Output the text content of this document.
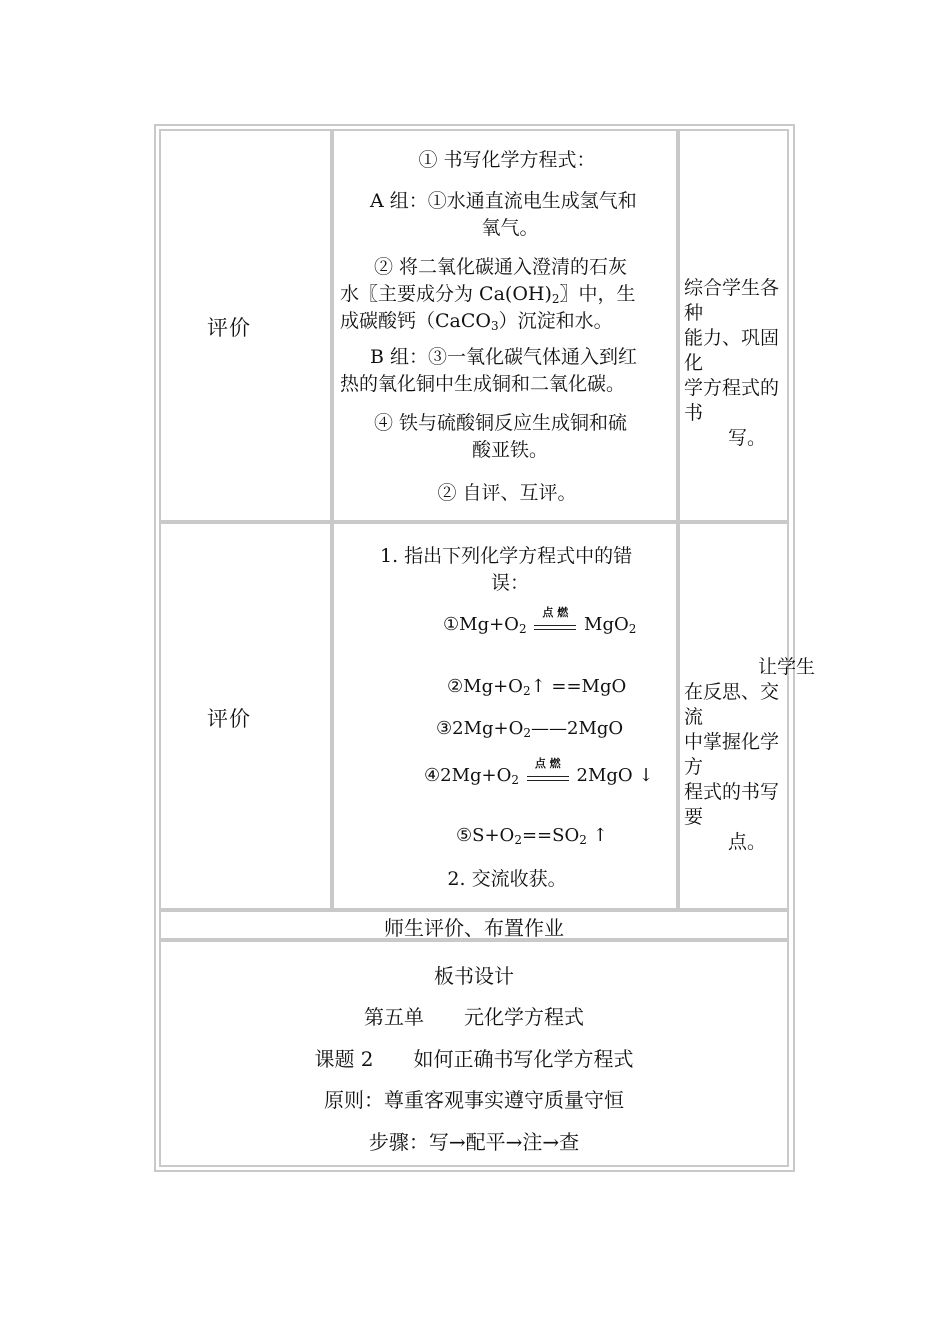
评价
① 书写化学方程式：

A 组：①水通直流电生成氢气和

氧气。

② 将二氧化碳通入澄清的石灰

水〖主要成分为 $Ca(OH)_2$〗中，生

成碳酸钙（CaCO$_3$）沉淀和水。

B 组：③一氧化碳气体通入到红

热的氧化铜中生成铜和二氧化碳。

④ 铁与硫酸铜反应生成铜和硫

酸亚铁。

② 自评、互评。
综合学生各种
能力、巩固化
学方程式的书
写。
评价

1. 指出下列化学方程式中的错

误：

$①Mg+O_2$
点 燃
MgO$_2$
$②Mg+O_2↑ ==MgO$
$③2Mg+O_2——2MgO$
$④2Mg+O_2$
点 燃
2MgO ↓
$⑤S+O_2==SO_2$ ↑
2. 交流收获。
让学生
在反思、交流
中掌握化学方
程式的书写要
点。
师生评价、布置作业
板书设计
第五单　　元化学方程式
课题 2　　如何正确书写化学方程式
原则：尊重客观事实遵守质量守恒
步骤：写→配平→注→查
